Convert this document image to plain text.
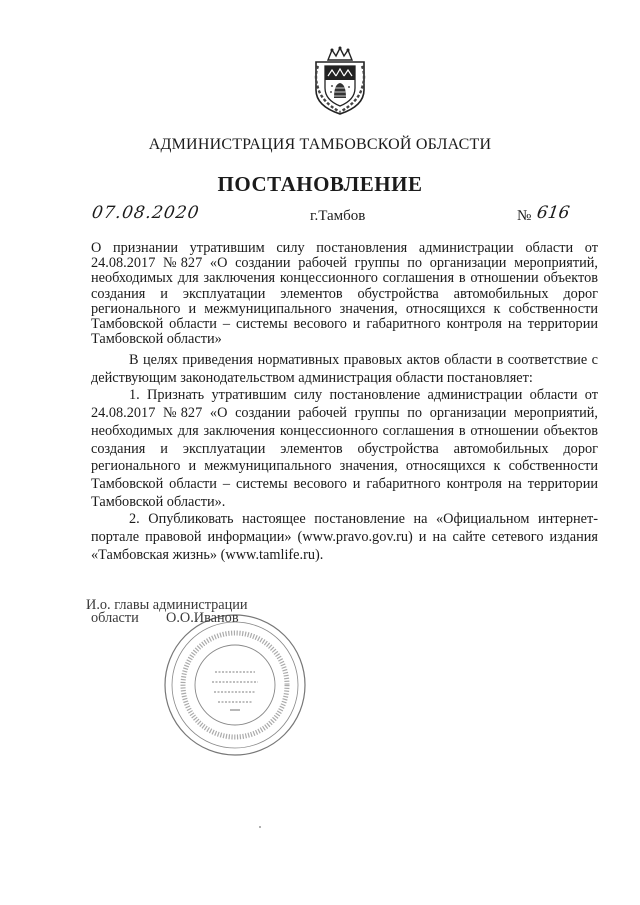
АДМИНИСТРАЦИЯ ТАМБОВСКОЙ ОБЛАСТИ
ПОСТАНОВЛЕНИЕ
07.08.2020	г.Тамбов	№ 616
О признании утратившим силу постановления администрации области от 24.08.2017 №827 «О создании рабочей группы по организации мероприятий, необходимых для заключения концессионного соглашения в отношении объектов создания и эксплуатации элементов обустройства автомобильных дорог регионального и межмуниципального значения, относящихся к собственности Тамбовской области – системы весового и габаритного контроля на территории Тамбовской области»

В целях приведения нормативных правовых актов области в соответствие с действующим законодательством администрация области постановляет:

1. Признать утратившим силу постановление администрации области от 24.08.2017 №827 «О создании рабочей группы по организации мероприятий, необходимых для заключения концессионного соглашения в отношении объектов создания и эксплуатации элементов обустройства автомобильных дорог регионального и межмуниципального значения, относящихся к собственности Тамбовской области – системы весового и габаритного контроля на территории Тамбовской области».

2. Опубликовать настоящее постановление на «Официальном интернет-портале правовой информации» (www.pravo.gov.ru) и на сайте сетевого издания «Тамбовская жизнь» (www.tamlife.ru).

И.о. главы администрации
области О.О.Иванов
